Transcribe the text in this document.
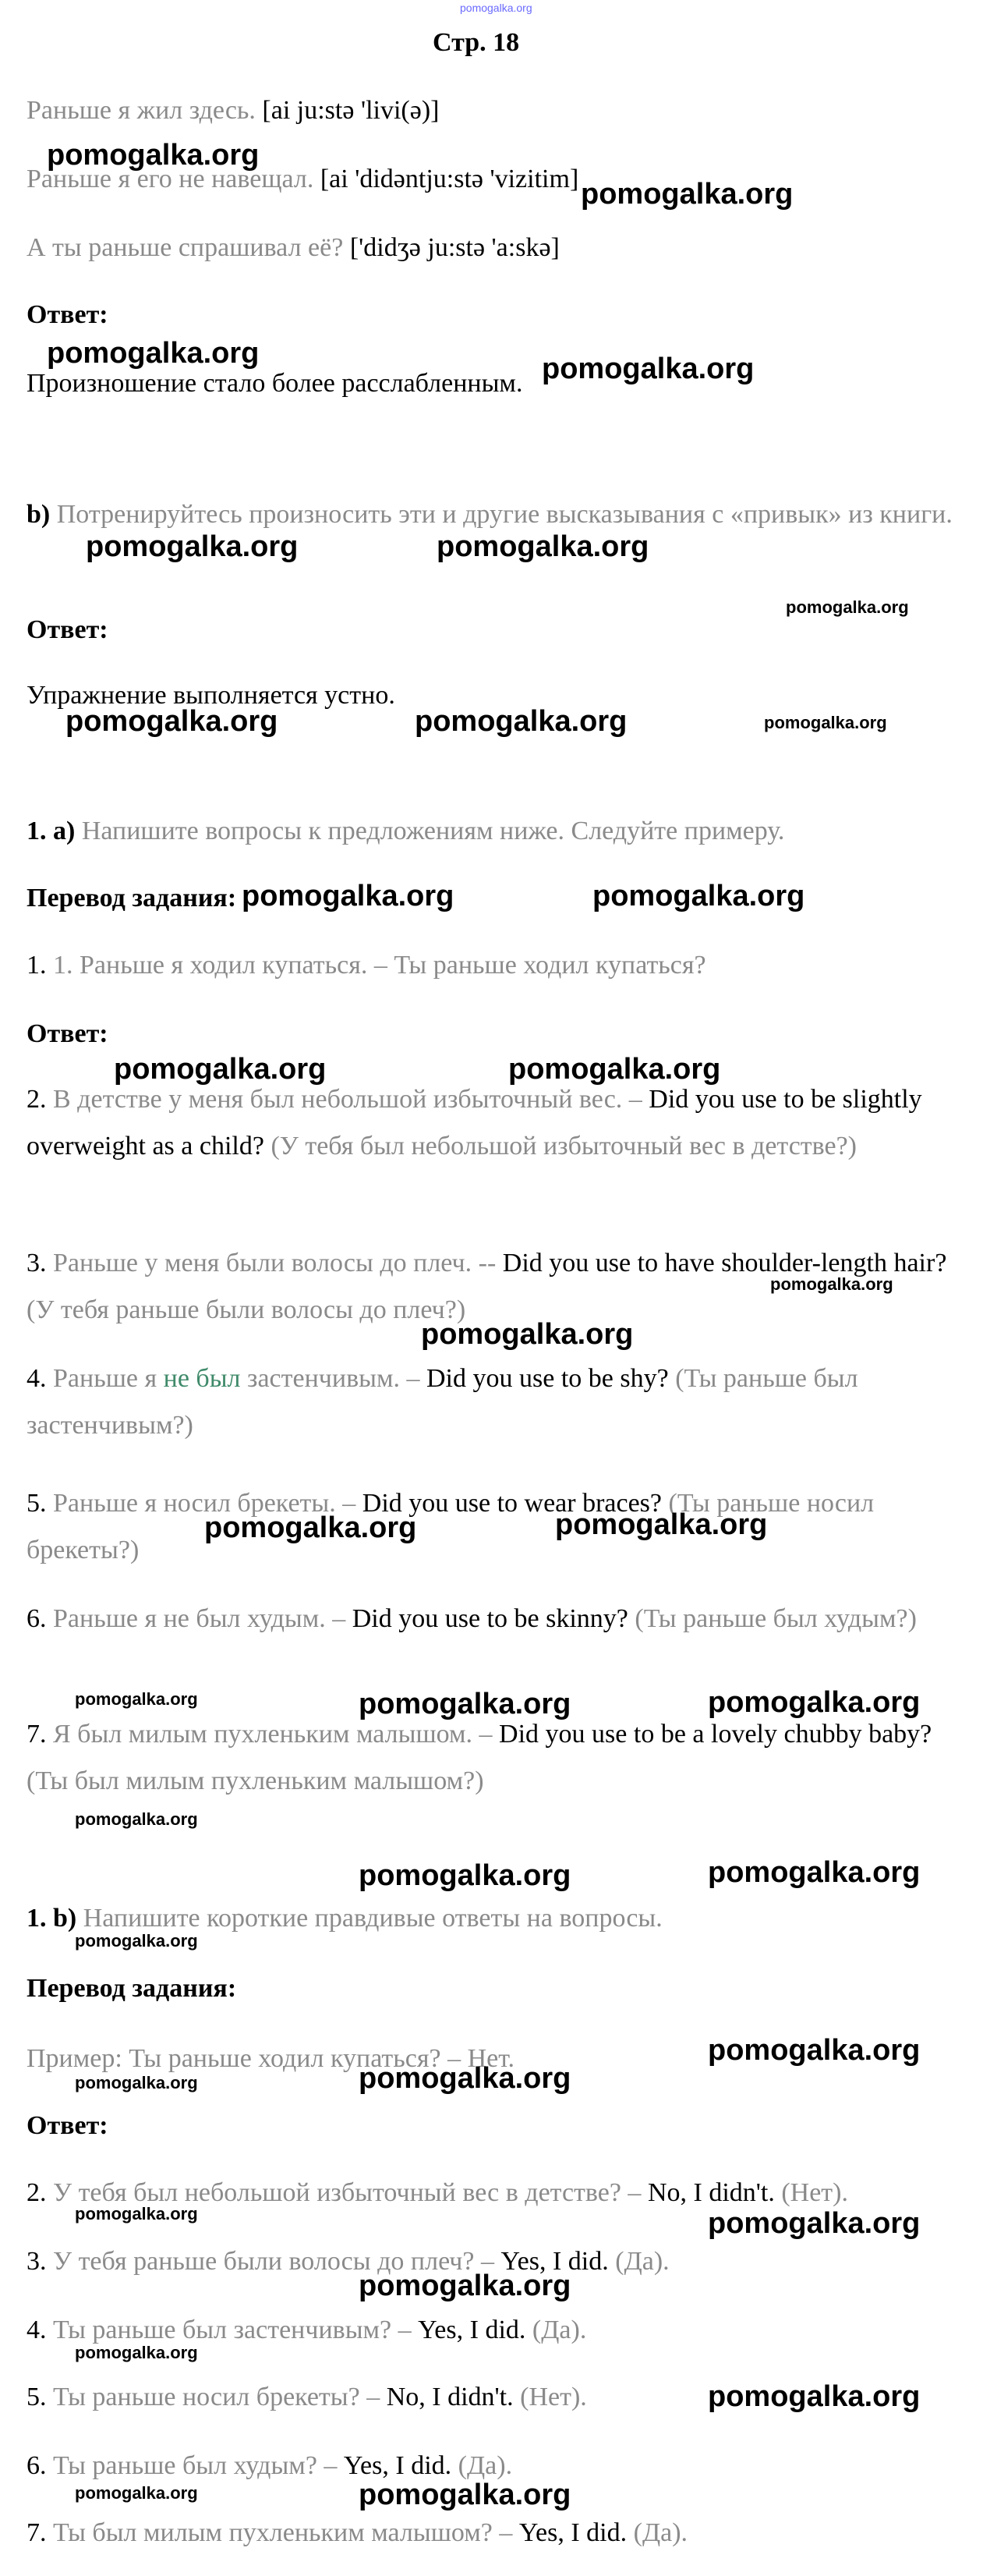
pomogalka.org
Стр. 18
Раньше я жил здесь. [ai ju:stə 'livi(ə)]
Раньше я его не навещал. [ai 'didəntju:stə 'vizitim]
А ты раньше спрашивал её? ['didʒə ju:stə 'a:skə]
Ответ:
Произношение стало более расслабленным.
b) Потренируйтесь произносить эти и другие высказывания с «привык» из книги.
Ответ:
Упражнение выполняется устно.
1. a) Напишите вопросы к предложениям ниже. Следуйте примеру.
Перевод задания:
1. 1. Раньше я ходил купаться. – Ты раньше ходил купаться?
Ответ:
2. В детстве у меня был небольшой избыточный вес. – Did you use to be slightly overweight as a child? (У тебя был небольшой избыточный вес в детстве?)
3. Раньше у меня были волосы до плеч. -- Did you use to have shoulder-length hair? (У тебя раньше были волосы до плеч?)
4. Раньше я не был застенчивым. – Did you use to be shy? (Ты раньше был застенчивым?)
5. Раньше я носил брекеты. – Did you use to wear braces? (Ты раньше носил брекеты?)
6. Раньше я не был худым. – Did you use to be skinny? (Ты раньше был худым?)
7. Я был милым пухленьким малышом. – Did you use to be a lovely chubby baby? (Ты был милым пухленьким малышом?)
1. b) Напишите короткие правдивые ответы на вопросы.
Перевод задания:
Пример: Ты раньше ходил купаться? – Нет.
Ответ:
2. У тебя был небольшой избыточный вес в детстве? – No, I didn't. (Нет).
3. У тебя раньше были волосы до плеч? – Yes, I did. (Да).
4. Ты раньше был застенчивым? – Yes, I did. (Да).
5. Ты раньше носил брекеты? – No, I didn't. (Нет).
6. Ты раньше был худым? – Yes, I did. (Да).
7. Ты был милым пухленьким малышом? – Yes, I did. (Да).
pomogalka.org
pomogalka.org
pomogalka.org	pomogalka.org
pomogalka.org	pomogalka.org
pomogalka.org
pomogalka.org	pomogalka.org	pomogalka.org
pomogalka.org	pomogalka.org
pomogalka.org	pomogalka.org
pomogalka.org
pomogalka.org
pomogalka.org	pomogalka.org
pomogalka.org	pomogalka.org	pomogalka.org
pomogalka.org
pomogalka.org	pomogalka.org
pomogalka.org
pomogalka.org
pomogalka.org	pomogalka.org
pomogalka.org	pomogalka.org
pomogalka.org
pomogalka.org
pomogalka.org
pomogalka.org	pomogalka.org
